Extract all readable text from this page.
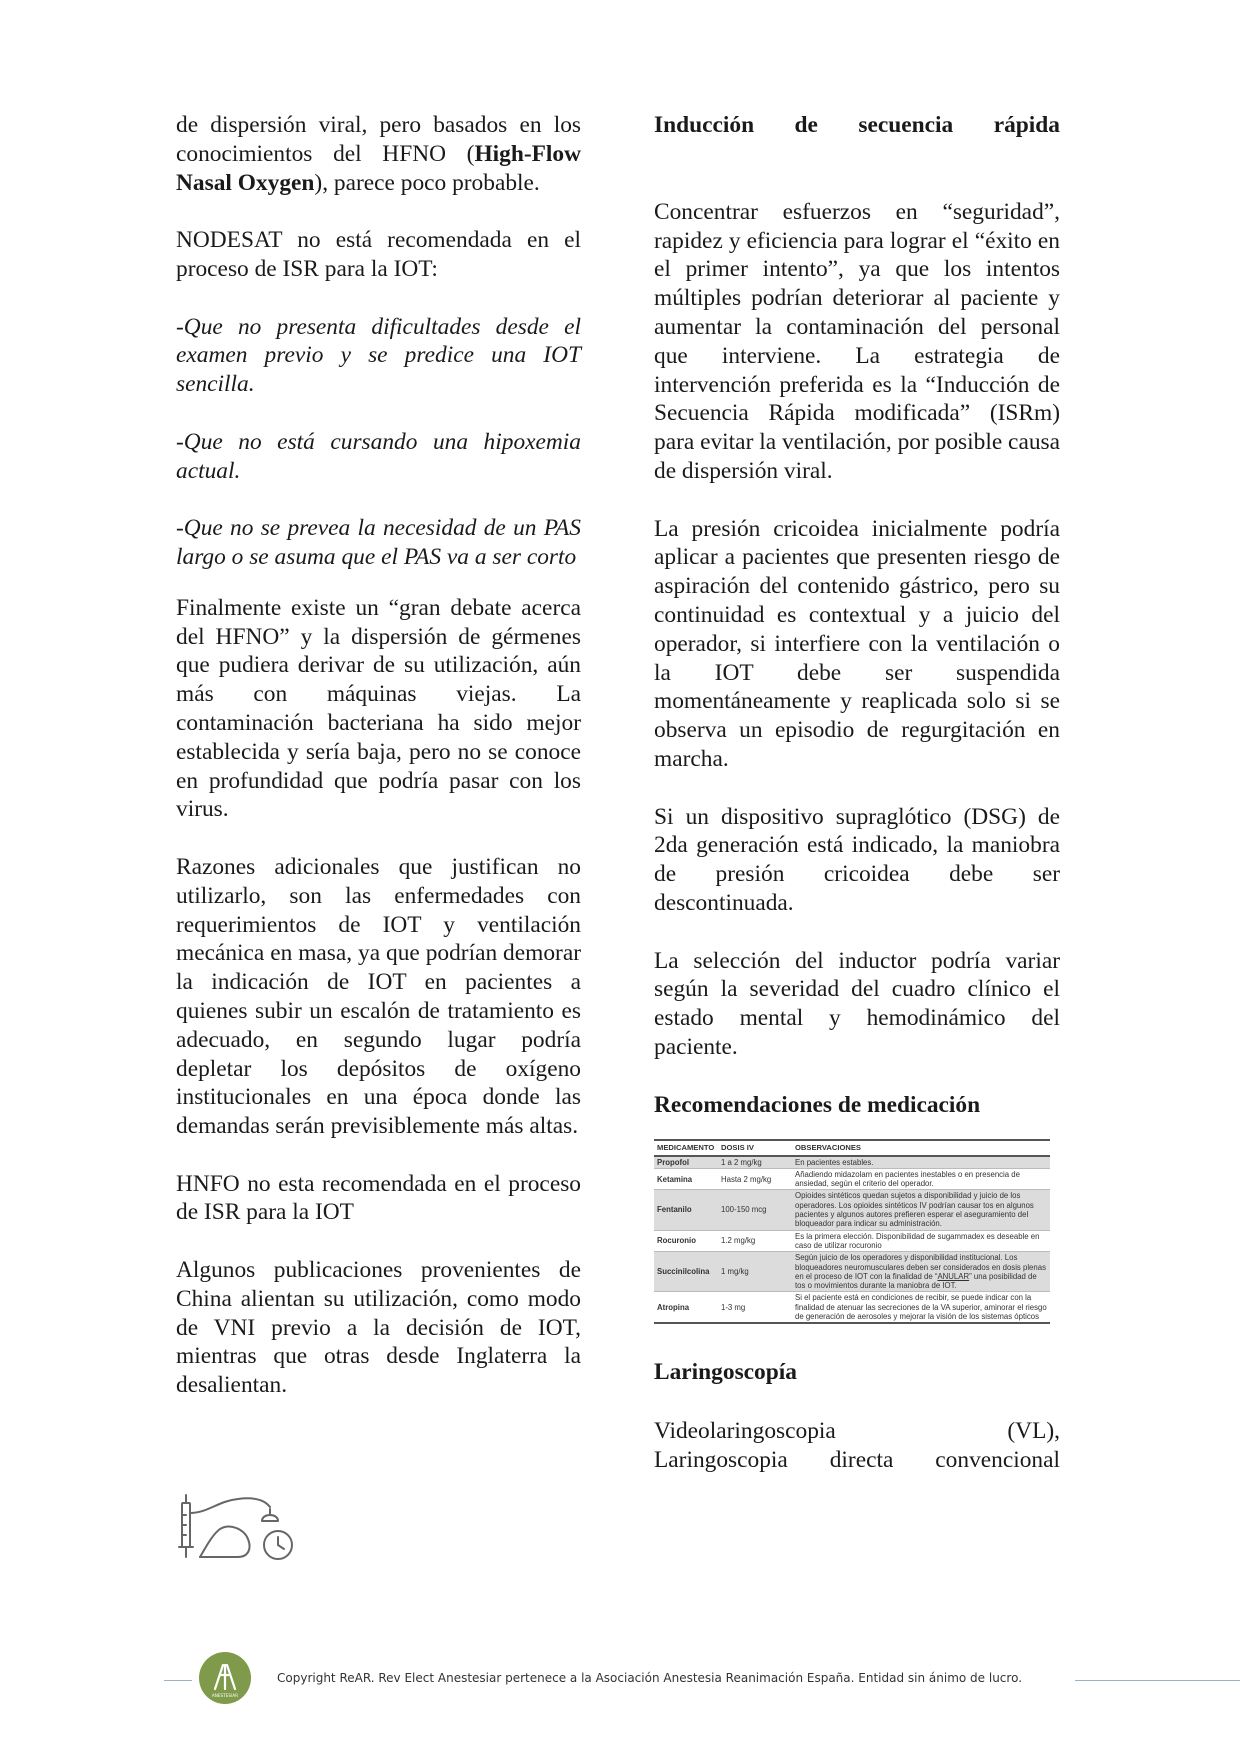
de dispersión viral, pero basados en los conocimientos del HFNO (High-Flow Nasal Oxygen), parece poco probable.

NODESAT no está recomendada en el proceso de ISR para la IOT:

-Que no presenta dificultades desde el examen previo y se predice una IOT sencilla.

-Que no está cursando una hipoxemia actual.

-Que no se prevea la necesidad de un PAS largo o se asuma que el PAS va a ser corto

Finalmente existe un “gran debate acerca del HFNO” y la dispersión de gérmenes que pudiera derivar de su utilización, aún más con máquinas viejas. La contaminación bacteriana ha sido mejor establecida y sería baja, pero no se conoce en profundidad que podría pasar con los virus.

Razones adicionales que justifican no utilizarlo, son las enfermedades con requerimientos de IOT y ventilación mecánica en masa, ya que podrían demorar la indicación de IOT en pacientes a quienes subir un escalón de tratamiento es adecuado, en segundo lugar podría depletar los depósitos de oxígeno institucionales en una época donde las demandas serán previsiblemente más altas.

HNFO no esta recomendada en el proceso de ISR para la IOT

Algunos publicaciones provenientes de China alientan su utilización, como modo de VNI previo a la decisión de IOT, mientras que otras desde Inglaterra la desalientan.

Inducción de secuencia rápida

Concentrar esfuerzos en “seguridad”, rapidez y eficiencia para lograr el “éxito en el primer intento”, ya que los intentos múltiples podrían deteriorar al paciente y aumentar la contaminación del personal que interviene. La estrategia de intervención preferida es la “Inducción de Secuencia Rápida modificada” (ISRm) para evitar la ventilación, por posible causa de dispersión viral.

La presión cricoidea inicialmente podría aplicar a pacientes que presenten riesgo de aspiración del contenido gástrico, pero su continuidad es contextual y a juicio del operador, si interfiere con la ventilación o la IOT debe ser suspendida momentáneamente y reaplicada solo si se observa un episodio de regurgitación en marcha.

Si un dispositivo supraglótico (DSG) de 2da generación está indicado, la maniobra de presión cricoidea debe ser descontinuada.

La selección del inductor podría variar según la severidad del cuadro clínico el estado mental y hemodinámico del paciente.

Recomendaciones de medicación
MEDICAMENTO	DOSIS IV	OBSERVACIONES
Propofol	1 a 2 mg/kg	En pacientes estables.
Ketamina	Hasta 2 mg/kg	Añadiendo midazolam en pacientes inestables o en presencia de ansiedad, según el criterio del operador.
Fentanilo	100-150 mcg	Opioides sintéticos quedan sujetos a disponibilidad y juicio de los operadores. Los opioides sintéticos IV podrían causar tos en algunos pacientes y algunos autores prefieren esperar el aseguramiento del bloqueador para indicar su administración.
Rocuronio	1.2 mg/kg	Es la primera elección. Disponibilidad de sugammadex es deseable en caso de utilizar rocuronio
Succinilcolina	1 mg/kg	Según juicio de los operadores y disponibilidad institucional. Los bloqueadores neuromusculares deben ser considerados en dosis plenas en el proceso de IOT con la finalidad de “ANULAR” una posibilidad de tos o movimientos durante la maniobra de IOT.
Atropina	1-3 mg	Si el paciente está en condiciones de recibir, se puede indicar con la finalidad de atenuar las secreciones de la VA superior, aminorar el riesgo de generación de aerosoles y mejorar la visión de los sistemas ópticos
Laringoscopía

Videolaringoscopia (VL),

Laringoscopia directa convencional

ANESTESIAR
Copyright ReAR. Rev Elect Anestesiar pertenece a la Asociación Anestesia Reanimación España. Entidad sin ánimo de lucro.
